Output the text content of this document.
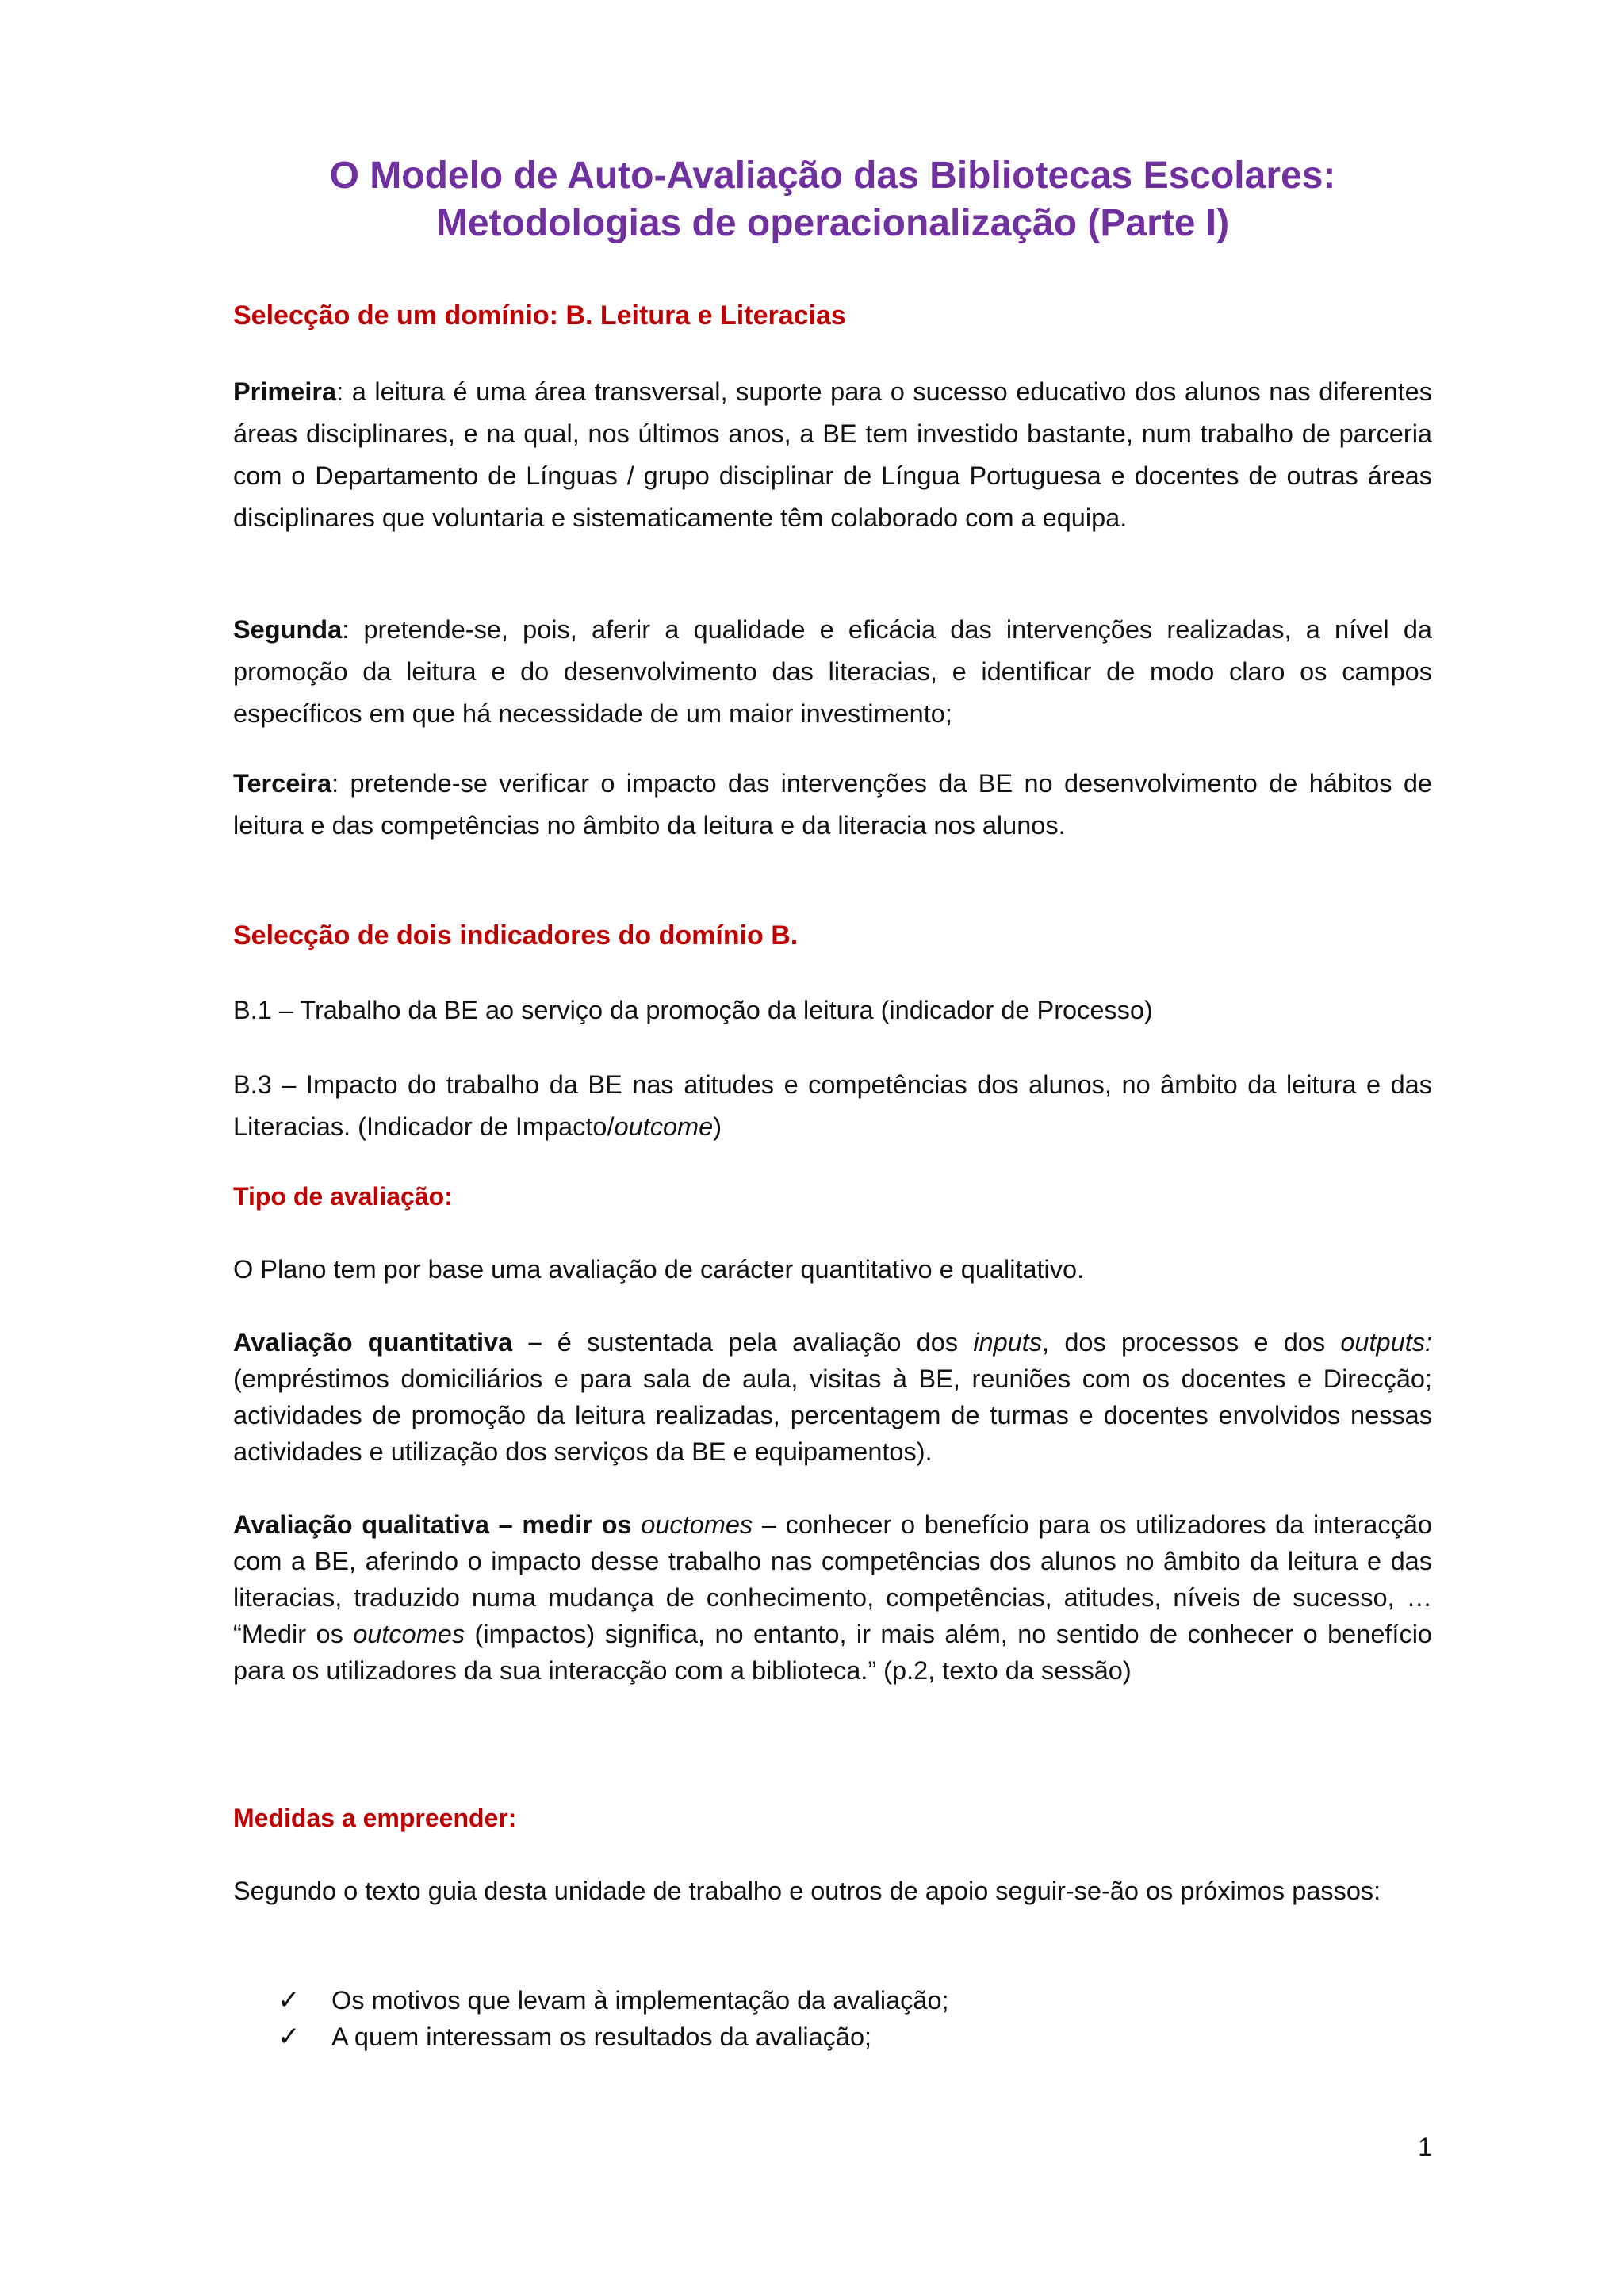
O Modelo de Auto-Avaliação das Bibliotecas Escolares:
Metodologias de operacionalização (Parte I)
Selecção de um domínio: B. Leitura e Literacias
Primeira: a leitura é uma área transversal, suporte para o sucesso educativo dos alunos nas diferentes áreas disciplinares, e na qual, nos últimos anos, a BE tem investido bastante, num trabalho de parceria com o Departamento de Línguas / grupo disciplinar de Língua Portuguesa e docentes de outras áreas disciplinares que voluntaria e sistematicamente têm colaborado com a equipa.
Segunda: pretende-se, pois, aferir a qualidade e eficácia das intervenções realizadas, a nível da promoção da leitura e do desenvolvimento das literacias, e identificar de modo claro os campos específicos em que há necessidade de um maior investimento;
Terceira: pretende-se verificar o impacto das intervenções da BE no desenvolvimento de hábitos de leitura e das competências no âmbito da leitura e da literacia nos alunos.
Selecção de dois indicadores do domínio B.
B.1 – Trabalho da BE ao serviço da promoção da leitura (indicador de Processo)
B.3 – Impacto do trabalho da BE nas atitudes e competências dos alunos, no âmbito da leitura e das Literacias. (Indicador de Impacto/outcome)
Tipo de avaliação:
O Plano tem por base uma avaliação de carácter quantitativo e qualitativo.
Avaliação quantitativa – é sustentada pela avaliação dos inputs, dos processos e dos outputs: (empréstimos domiciliários e para sala de aula, visitas à BE, reuniões com os docentes e Direcção; actividades de promoção da leitura realizadas, percentagem de turmas e docentes envolvidos nessas actividades e utilização dos serviços da BE e equipamentos).
Avaliação qualitativa – medir os ouctomes – conhecer o benefício para os utilizadores da interacção com a BE, aferindo o impacto desse trabalho nas competências dos alunos no âmbito da leitura e das literacias, traduzido numa mudança de conhecimento, competências, atitudes, níveis de sucesso, … “Medir os outcomes (impactos) significa, no entanto, ir mais além, no sentido de conhecer o benefício para os utilizadores da sua interacção com a biblioteca.” (p.2, texto da sessão)
Medidas a empreender:
Segundo o texto guia desta unidade de trabalho e outros de apoio seguir-se-ão os próximos passos:
✓ Os motivos que levam à implementação da avaliação;
✓ A quem interessam os resultados da avaliação;
1
